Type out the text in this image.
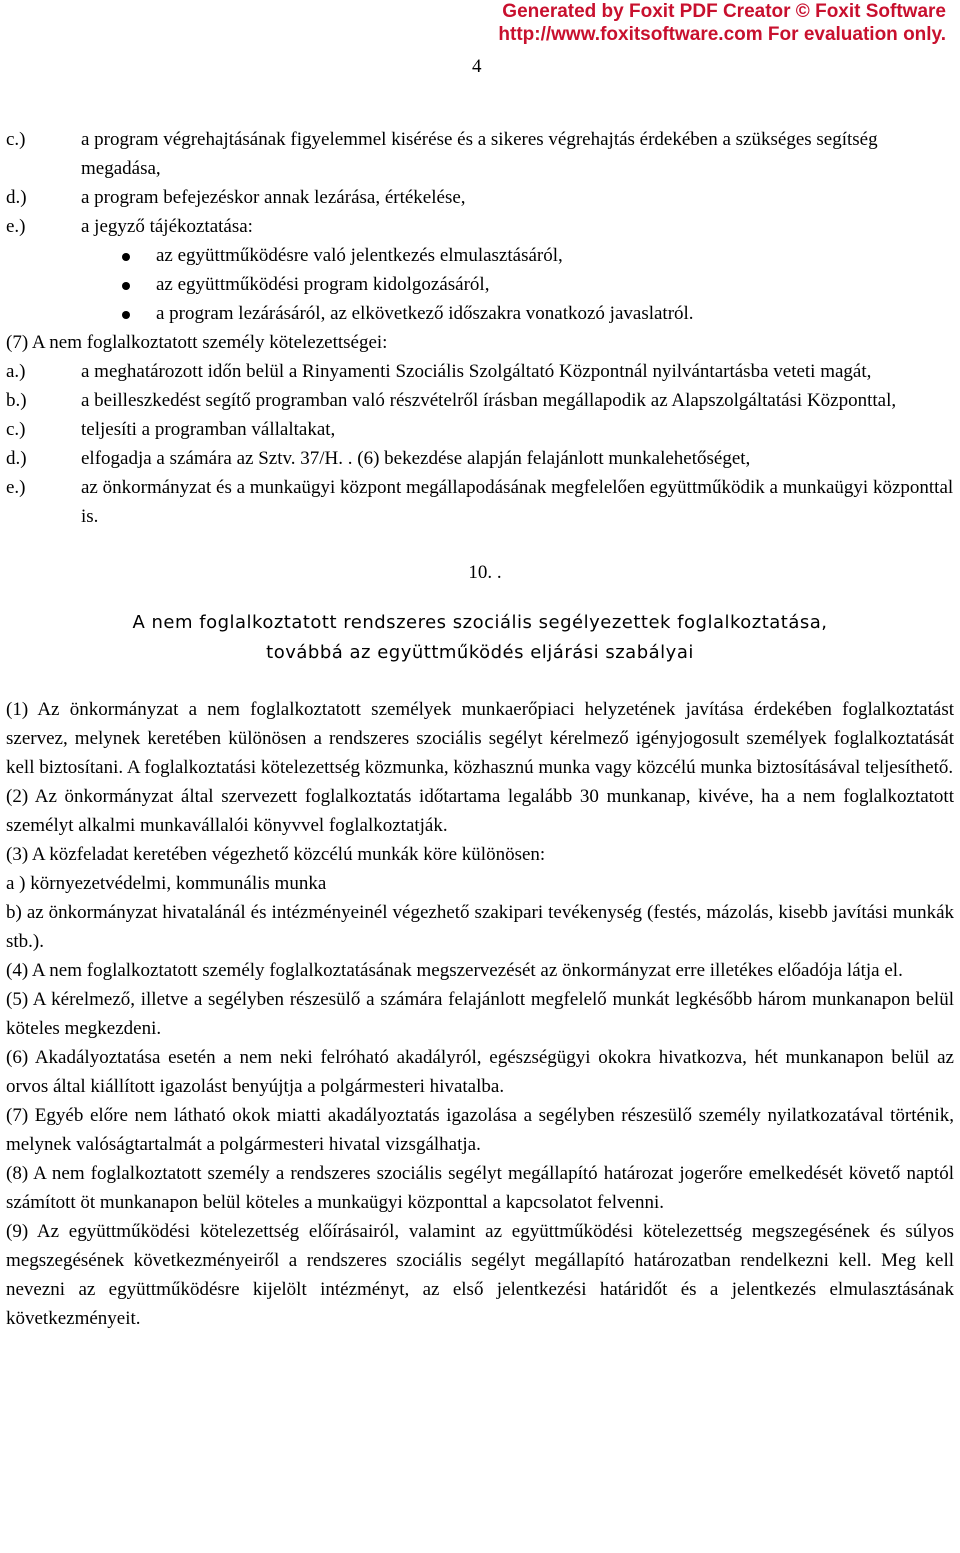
Generated by Foxit PDF Creator © Foxit Software
http://www.foxitsoftware.com For evaluation only.
4
c.)	a program végrehajtásának figyelemmel kisérése és a sikeres végrehajtás érdekében a szükséges segítség megadása,
d.)	a program befejezéskor annak lezárása, értékelése,
e.)	a jegyző tájékoztatása:
az együttműködésre való jelentkezés elmulasztásáról,
az együttműködési program kidolgozásáról,
a program lezárásáról, az elkövetkező időszakra vonatkozó javaslatról.
(7) A nem foglalkoztatott személy kötelezettségei:
a.)	a meghatározott időn belül a Rinyamenti Szociális Szolgáltató Központnál nyilvántartásba veteti magát,
b.)	a beilleszkedést segítő programban való részvételről írásban megállapodik az Alapszolgáltatási Központtal,
c.)	teljesíti a programban vállaltakat,
d.)	elfogadja a számára az Sztv. 37/H. . (6) bekezdése alapján felajánlott munkalehetőséget,
e.)	az önkormányzat és a munkaügyi központ megállapodásának megfelelően együttműködik a munkaügyi központtal is.
10. .
A nem foglalkoztatott rendszeres szociális segélyezettek foglalkoztatása,
továbbá az együttműködés eljárási szabályai

(1) Az önkormányzat a nem foglalkoztatott személyek munkaerőpiaci helyzetének javítása érdekében foglalkoztatást szervez, melynek keretében különösen a rendszeres szociális segélyt kérelmező igényjogosult személyek foglalkoztatását kell biztosítani. A foglalkoztatási kötelezettség közmunka, közhasznú munka vagy közcélú munka biztosításával teljesíthető.

(2) Az önkormányzat által szervezett foglalkoztatás időtartama legalább 30 munkanap, kivéve, ha a nem foglalkoztatott személyt alkalmi munkavállalói könyvvel foglalkoztatják.

(3) A közfeladat keretében végezhető közcélú munkák köre különösen:

a ) környezetvédelmi, kommunális munka

b) az önkormányzat hivatalánál és intézményeinél végezhető szakipari tevékenység (festés, mázolás, kisebb javítási munkák stb.).

(4) A nem foglalkoztatott személy foglalkoztatásának megszervezését az önkormányzat erre illetékes előadója látja el.

(5) A kérelmező, illetve a segélyben részesülő a számára felajánlott megfelelő munkát legkésőbb három munkanapon belül köteles megkezdeni.

(6) Akadályoztatása esetén a nem neki felróható akadályról, egészségügyi okokra hivatkozva, hét munkanapon belül az orvos által kiállított igazolást benyújtja a polgármesteri hivatalba.

(7) Egyéb előre nem látható okok miatti akadályoztatás igazolása a segélyben részesülő személy nyilatkozatával történik, melynek valóságtartalmát a polgármesteri hivatal vizsgálhatja.

(8) A nem foglalkoztatott személy a rendszeres szociális segélyt megállapító határozat jogerőre emelkedését követő naptól számított öt munkanapon belül köteles a munkaügyi központtal a kapcsolatot felvenni.

(9) Az együttműködési kötelezettség előírásairól, valamint az együttműködési kötelezettség megszegésének és súlyos megszegésének következményeiről a rendszeres szociális segélyt megállapító határozatban rendelkezni kell. Meg kell nevezni az együttműködésre kijelölt intézményt, az első jelentkezési határidőt és a jelentkezés elmulasztásának következményeit.
